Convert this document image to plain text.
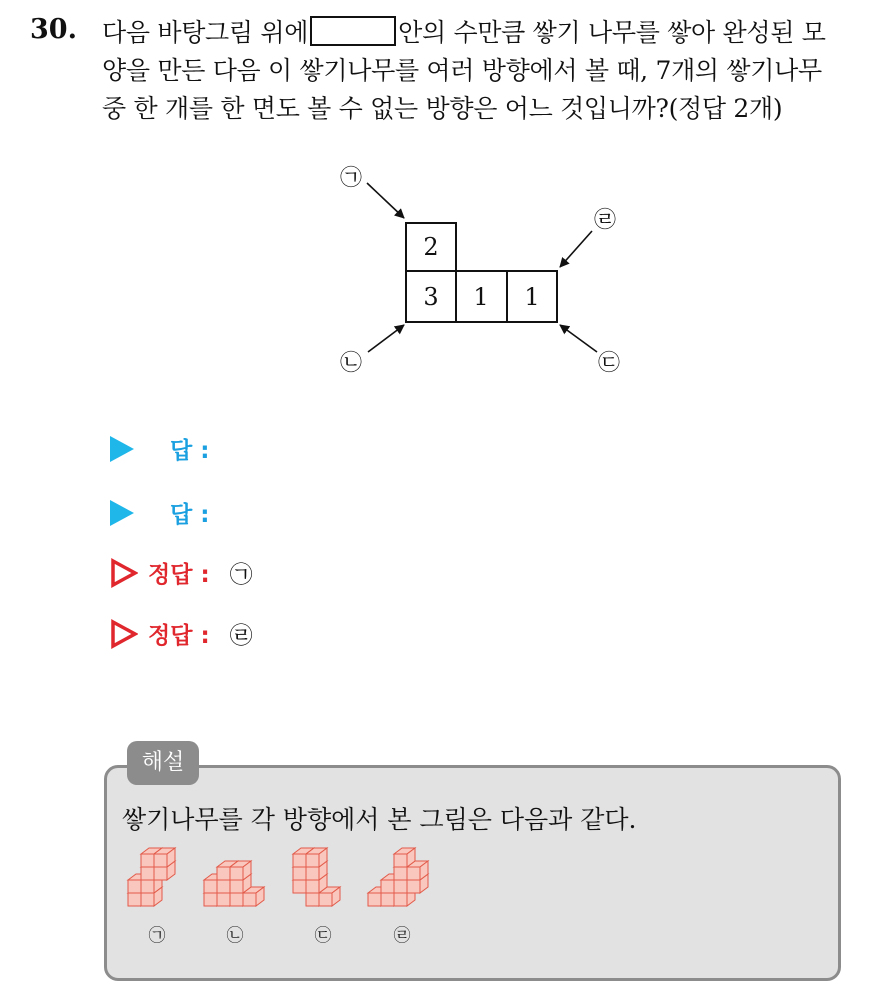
30. 다음 바탕그림 위에	안의 수만큼 쌓기 나무를 쌓아 완성된 모
양을 만든 다음 이 쌓기나무를 여러 방향에서 볼 때, 7개의 쌓기나무
중 한 개를 한 면도 볼 수 없는 방향은 어느 것입니까?(정답 2개)
2
3 1 1
㉠
㉡	㉢
㉣
답 :
답 :
정답 : ㉠
정답 : ㉣
해설
쌓기나무를 각 방향에서 본 그림은 다음과 같다.
㉠	㉡	㉢	㉣
